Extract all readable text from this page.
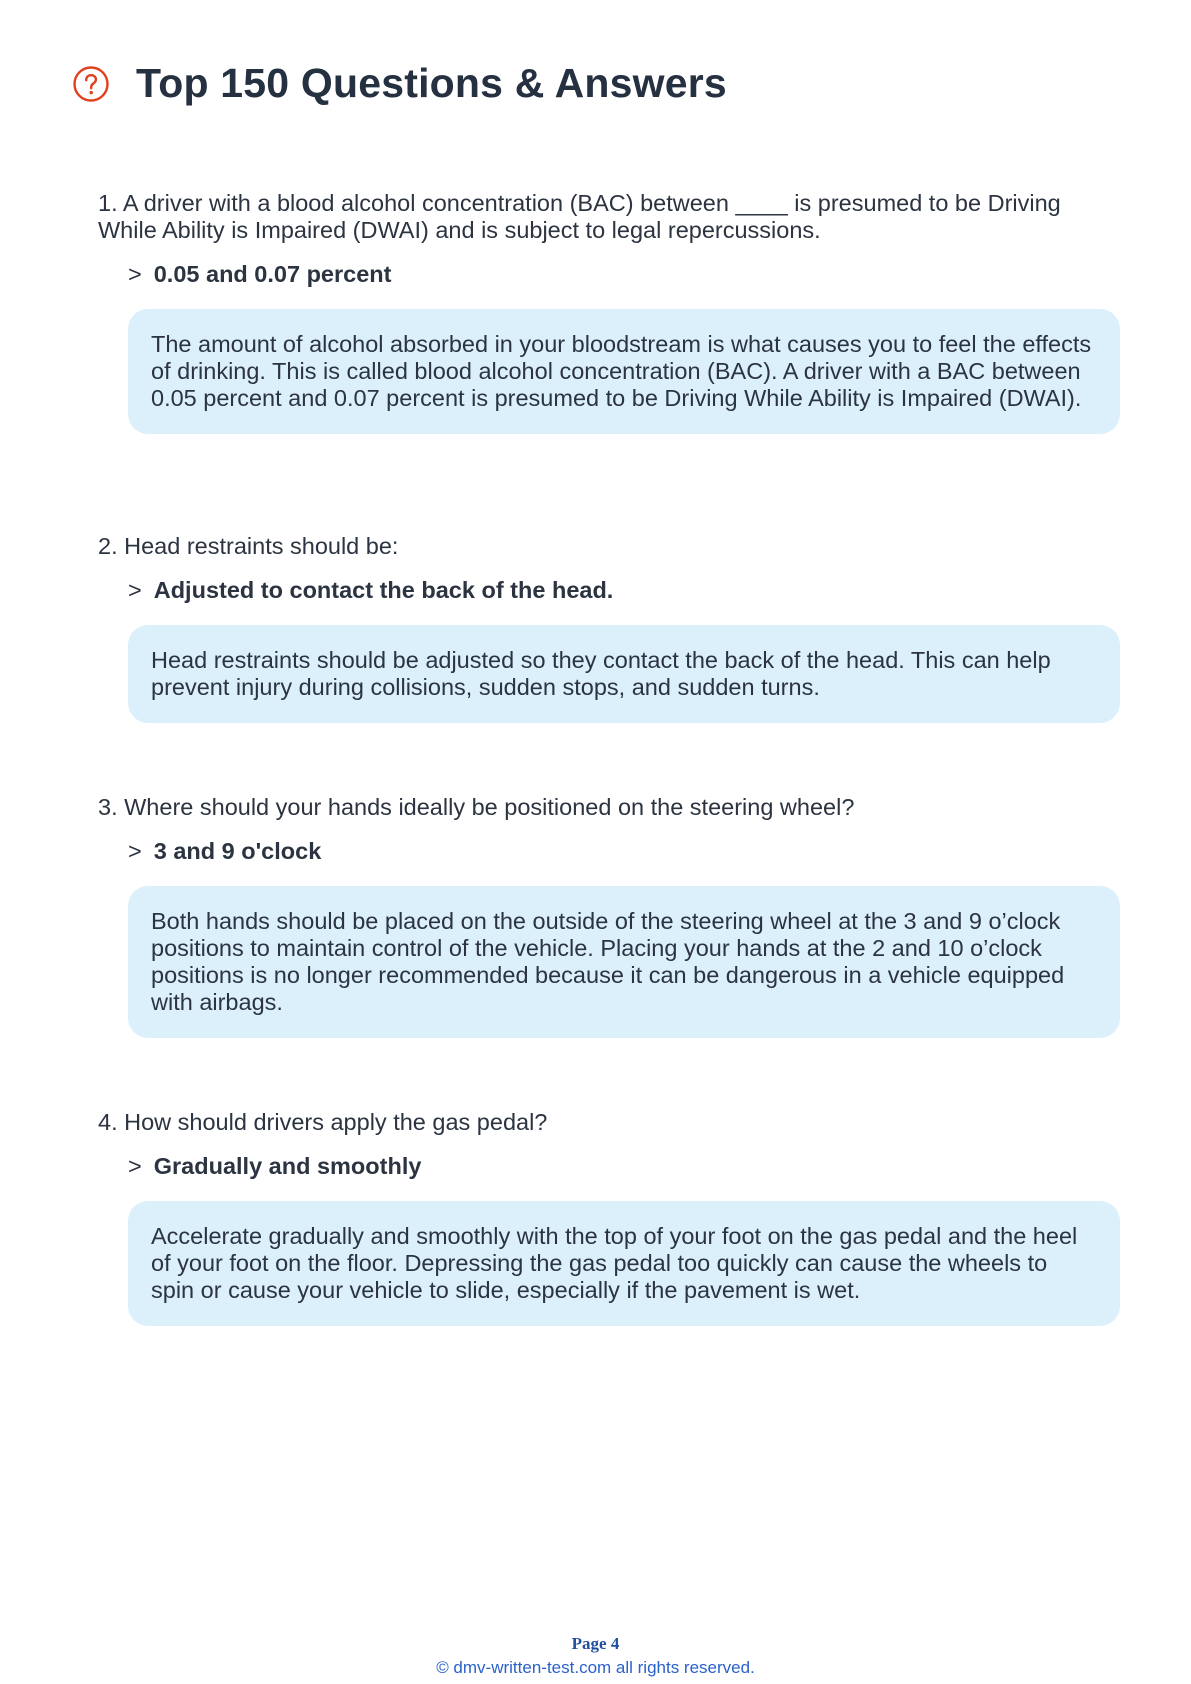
Top 150 Questions & Answers

1. A driver with a blood alcohol concentration (BAC) between ____ is presumed to be Driving While Ability is Impaired (DWAI) and is subject to legal repercussions.

> 0.05 and 0.07 percent
The amount of alcohol absorbed in your bloodstream is what causes you to feel the effects of drinking. This is called blood alcohol concentration (BAC). A driver with a BAC between 0.05 percent and 0.07 percent is presumed to be Driving While Ability is Impaired (DWAI).

2. Head restraints should be:

> Adjusted to contact the back of the head.
Head restraints should be adjusted so they contact the back of the head. This can help prevent injury during collisions, sudden stops, and sudden turns.

3. Where should your hands ideally be positioned on the steering wheel?

> 3 and 9 o'clock
Both hands should be placed on the outside of the steering wheel at the 3 and 9 o’clock positions to maintain control of the vehicle. Placing your hands at the 2 and 10 o’clock positions is no longer recommended because it can be dangerous in a vehicle equipped with airbags.

4. How should drivers apply the gas pedal?

> Gradually and smoothly
Accelerate gradually and smoothly with the top of your foot on the gas pedal and the heel of your foot on the floor. Depressing the gas pedal too quickly can cause the wheels to spin or cause your vehicle to slide, especially if the pavement is wet.
Page 4
© dmv-written-test.com all rights reserved.
